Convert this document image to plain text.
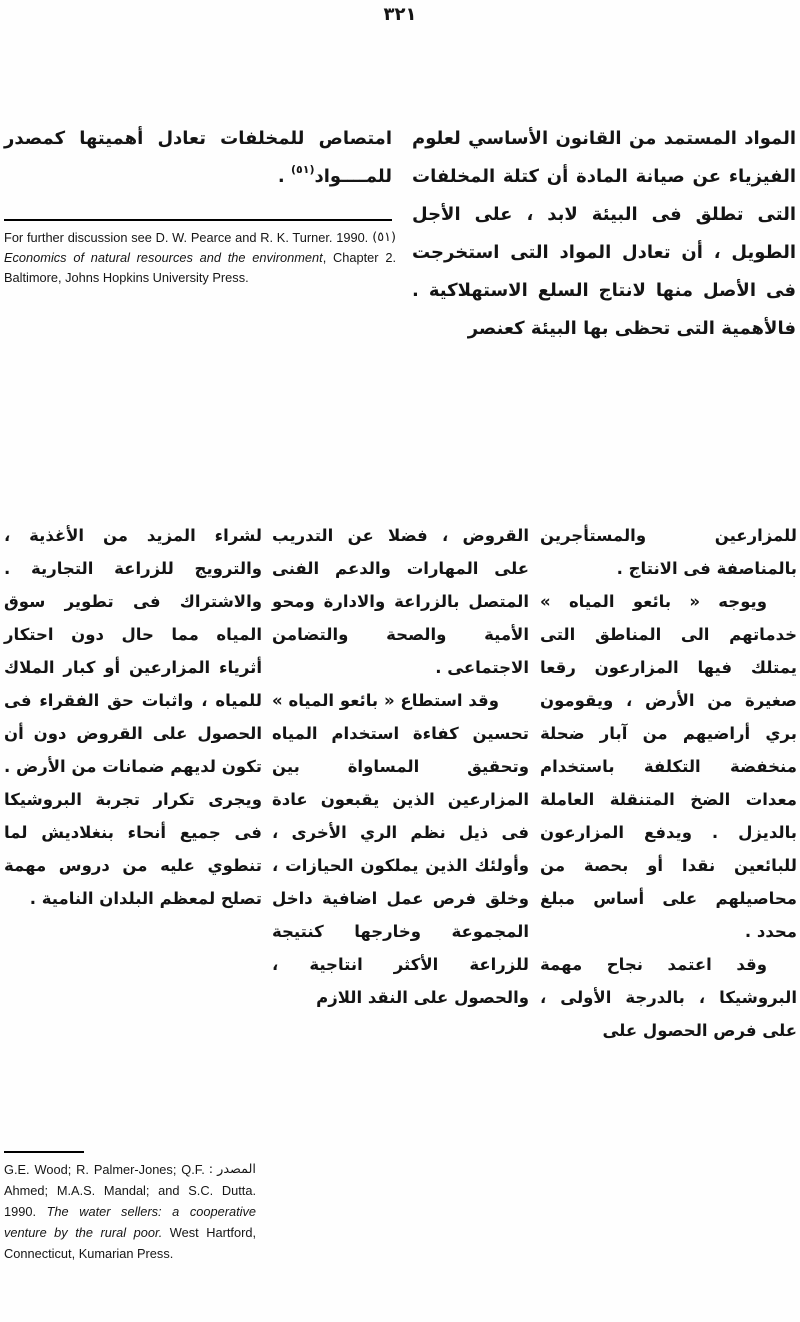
٣٢١

المواد المستمد من القانون الأساسي لعلوم الفيزياء عن صيانة المادة أن كتلة المخلفات التى تطلق فى البيئة لابد ، على الأجل الطويل ، أن تعادل المواد التى استخرجت فى الأصل منها لانتاج السلع الاستهلاكية . فالأهمية التى تحظى بها البيئة كعنصر

امتصاص للمخلفات تعادل أهميتها كمصدر للمــــواد$^{(٥١)}$ .

(٥١)
For further discussion see D. W. Pearce and R. K. Turner. 1990. Economics of natural resources and the environment, Chapter 2. Baltimore, Johns Hopkins University Press.

للمزارعين والمستأجرين بالمناصفة فى الانتاج .

ويوجه « بائعو المياه » خدماتهم الى المناطق التى يمتلك فيها المزارعون رقعا صغيرة من الأرض ، ويقومون بري أراضيهم من آبار ضحلة منخفضة التكلفة باستخدام معدات الضخ المتنقلة العاملة بالديزل . ويدفع المزارعون للبائعين نقدا أو بحصة من محاصيلهم على أساس مبلغ محدد .

وقد اعتمد نجاح مهمة البروشيكا ، بالدرجة الأولى ، على فرص الحصول على

القروض ، فضلا عن التدريب على المهارات والدعم الفنى المتصل بالزراعة والادارة ومحو الأمية والصحة والتضامن الاجتماعى .

وقد استطاع « بائعو المياه » تحسين كفاءة استخدام المياه وتحقيق المساواة بين المزارعين الذين يقبعون عادة فى ذيل نظم الري الأخرى ، وأولئك الذين يملكون الحيازات ، وخلق فرص عمل اضافية داخل المجموعة وخارجها كنتيجة للزراعة الأكثر انتاجية ، والحصول على النقد اللازم

لشراء المزيد من الأغذية ، والترويج للزراعة التجارية . والاشتراك فى تطوير سوق المياه مما حال دون احتكار أثرياء المزارعين أو كبار الملاك للمياه ، واثبات حق الفقراء فى الحصول على القروض دون أن تكون لديهم ضمانات من الأرض . ويجرى تكرار تجربة البروشيكا فى جميع أنحاء بنغلاديش لما تنطوي عليه من دروس مهمة تصلح لمعظم البلدان النامية .

المصدر :
G.E. Wood; R. Palmer-Jones; Q.F. Ahmed; M.A.S. Mandal; and S.C. Dutta. 1990. The water sellers: a cooperative venture by the rural poor. West Hartford, Connecticut, Kumarian Press.
